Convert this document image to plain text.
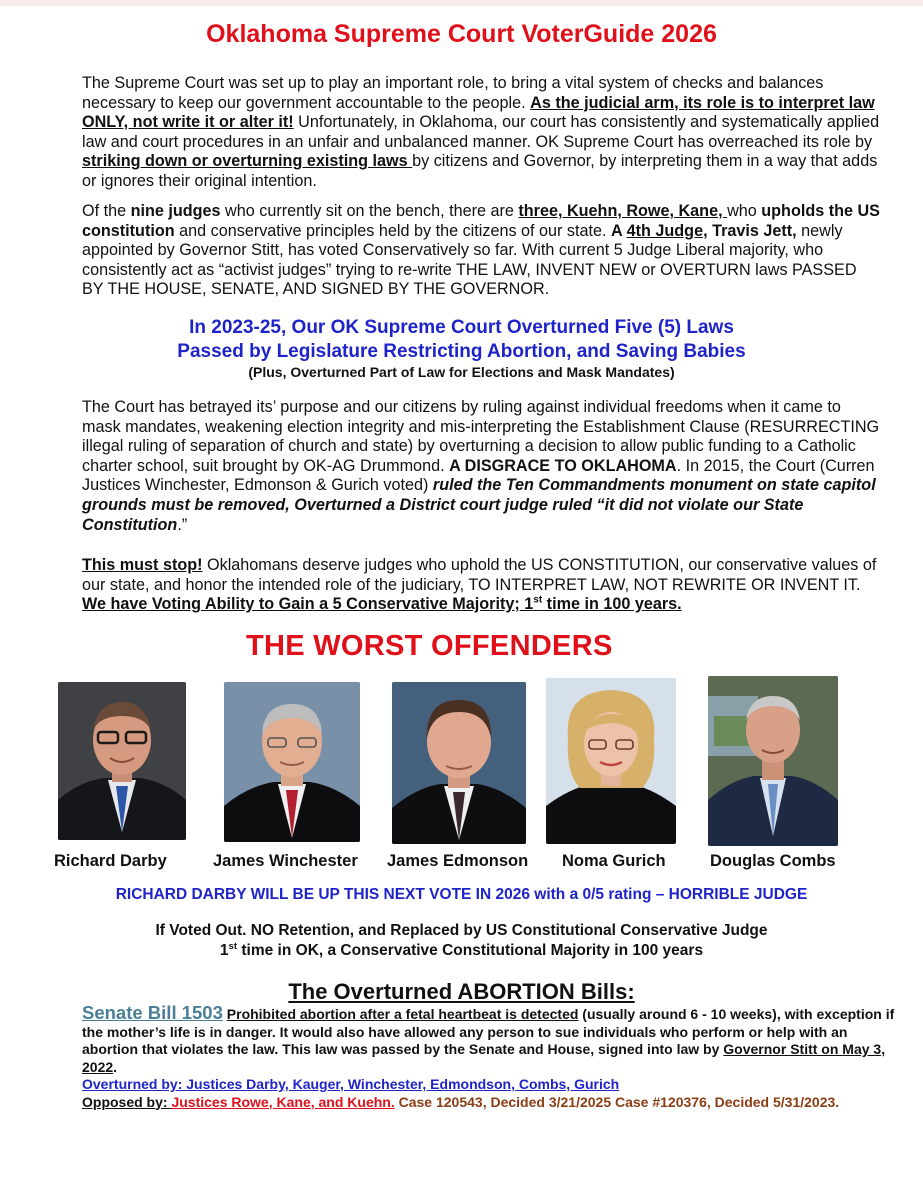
Oklahoma Supreme Court VoterGuide 2026

The Supreme Court was set up to play an important role, to bring a vital system of checks and balances necessary to keep our government accountable to the people. As the judicial arm, its role is to interpret law ONLY, not write it or alter it! Unfortunately, in Oklahoma, our court has consistently and systematically applied law and court procedures in an unfair and unbalanced manner. OK Supreme Court has overreached its role by striking down or overturning existing laws by citizens and Governor, by interpreting them in a way that adds or ignores their original intention.

Of the nine judges who currently sit on the bench, there are three, Kuehn, Rowe, Kane, who upholds the US constitution and conservative principles held by the citizens of our state. A 4th Judge, Travis Jett, newly appointed by Governor Stitt, has voted Conservatively so far. With current 5 Judge Liberal majority, who consistently act as “activist judges” trying to re-write THE LAW, INVENT NEW or OVERTURN laws PASSED BY THE HOUSE, SENATE, AND SIGNED BY THE GOVERNOR.

In 2023-25, Our OK Supreme Court Overturned Five (5) Laws
Passed by Legislature Restricting Abortion, and Saving Babies
(Plus, Overturned Part of Law for Elections and Mask Mandates)

The Court has betrayed its’ purpose and our citizens by ruling against individual freedoms when it came to mask mandates, weakening election integrity and mis-interpreting the Establishment Clause (RESURRECTING illegal ruling of separation of church and state) by overturning a decision to allow public funding to a Catholic charter school, suit brought by OK-AG Drummond. A DISGRACE TO OKLAHOMA. In 2015, the Court (Curren Justices Winchester, Edmonson & Gurich voted) ruled the Ten Commandments monument on state capitol grounds must be removed, Overturned a District court judge ruled “it did not violate our State Constitution.”

This must stop! Oklahomans deserve judges who uphold the US CONSTITUTION, our conservative values of our state, and honor the intended role of the judiciary, TO INTERPRET LAW, NOT REWRITE OR INVENT IT. We have Voting Ability to Gain a 5 Conservative Majority; 1st time in 100 years.

THE WORST OFFENDERS
Richard Darby	James Winchester James Edmonson Noma Gurich	Douglas Combs
RICHARD DARBY WILL BE UP THIS NEXT VOTE IN 2026 with a 0/5 rating – HORRIBLE JUDGE
If Voted Out. NO Retention, and Replaced by US Constitutional Conservative Judge
1st time in OK, a Conservative Constitutional Majority in 100 years
The Overturned ABORTION Bills:

Senate Bill 1503 Prohibited abortion after a fetal heartbeat is detected (usually around 6 - 10 weeks), with exception if the mother’s life is in danger. It would also have allowed any person to sue individuals who perform or help with an abortion that violates the law. This law was passed by the Senate and House, signed into law by Governor Stitt on May 3, 2022.
Overturned by: Justices Darby, Kauger, Winchester, Edmondson, Combs, Gurich
Opposed by: Justices Rowe, Kane, and Kuehn. Case 120543, Decided 3/21/2025 Case #120376, Decided 5/31/2023.
